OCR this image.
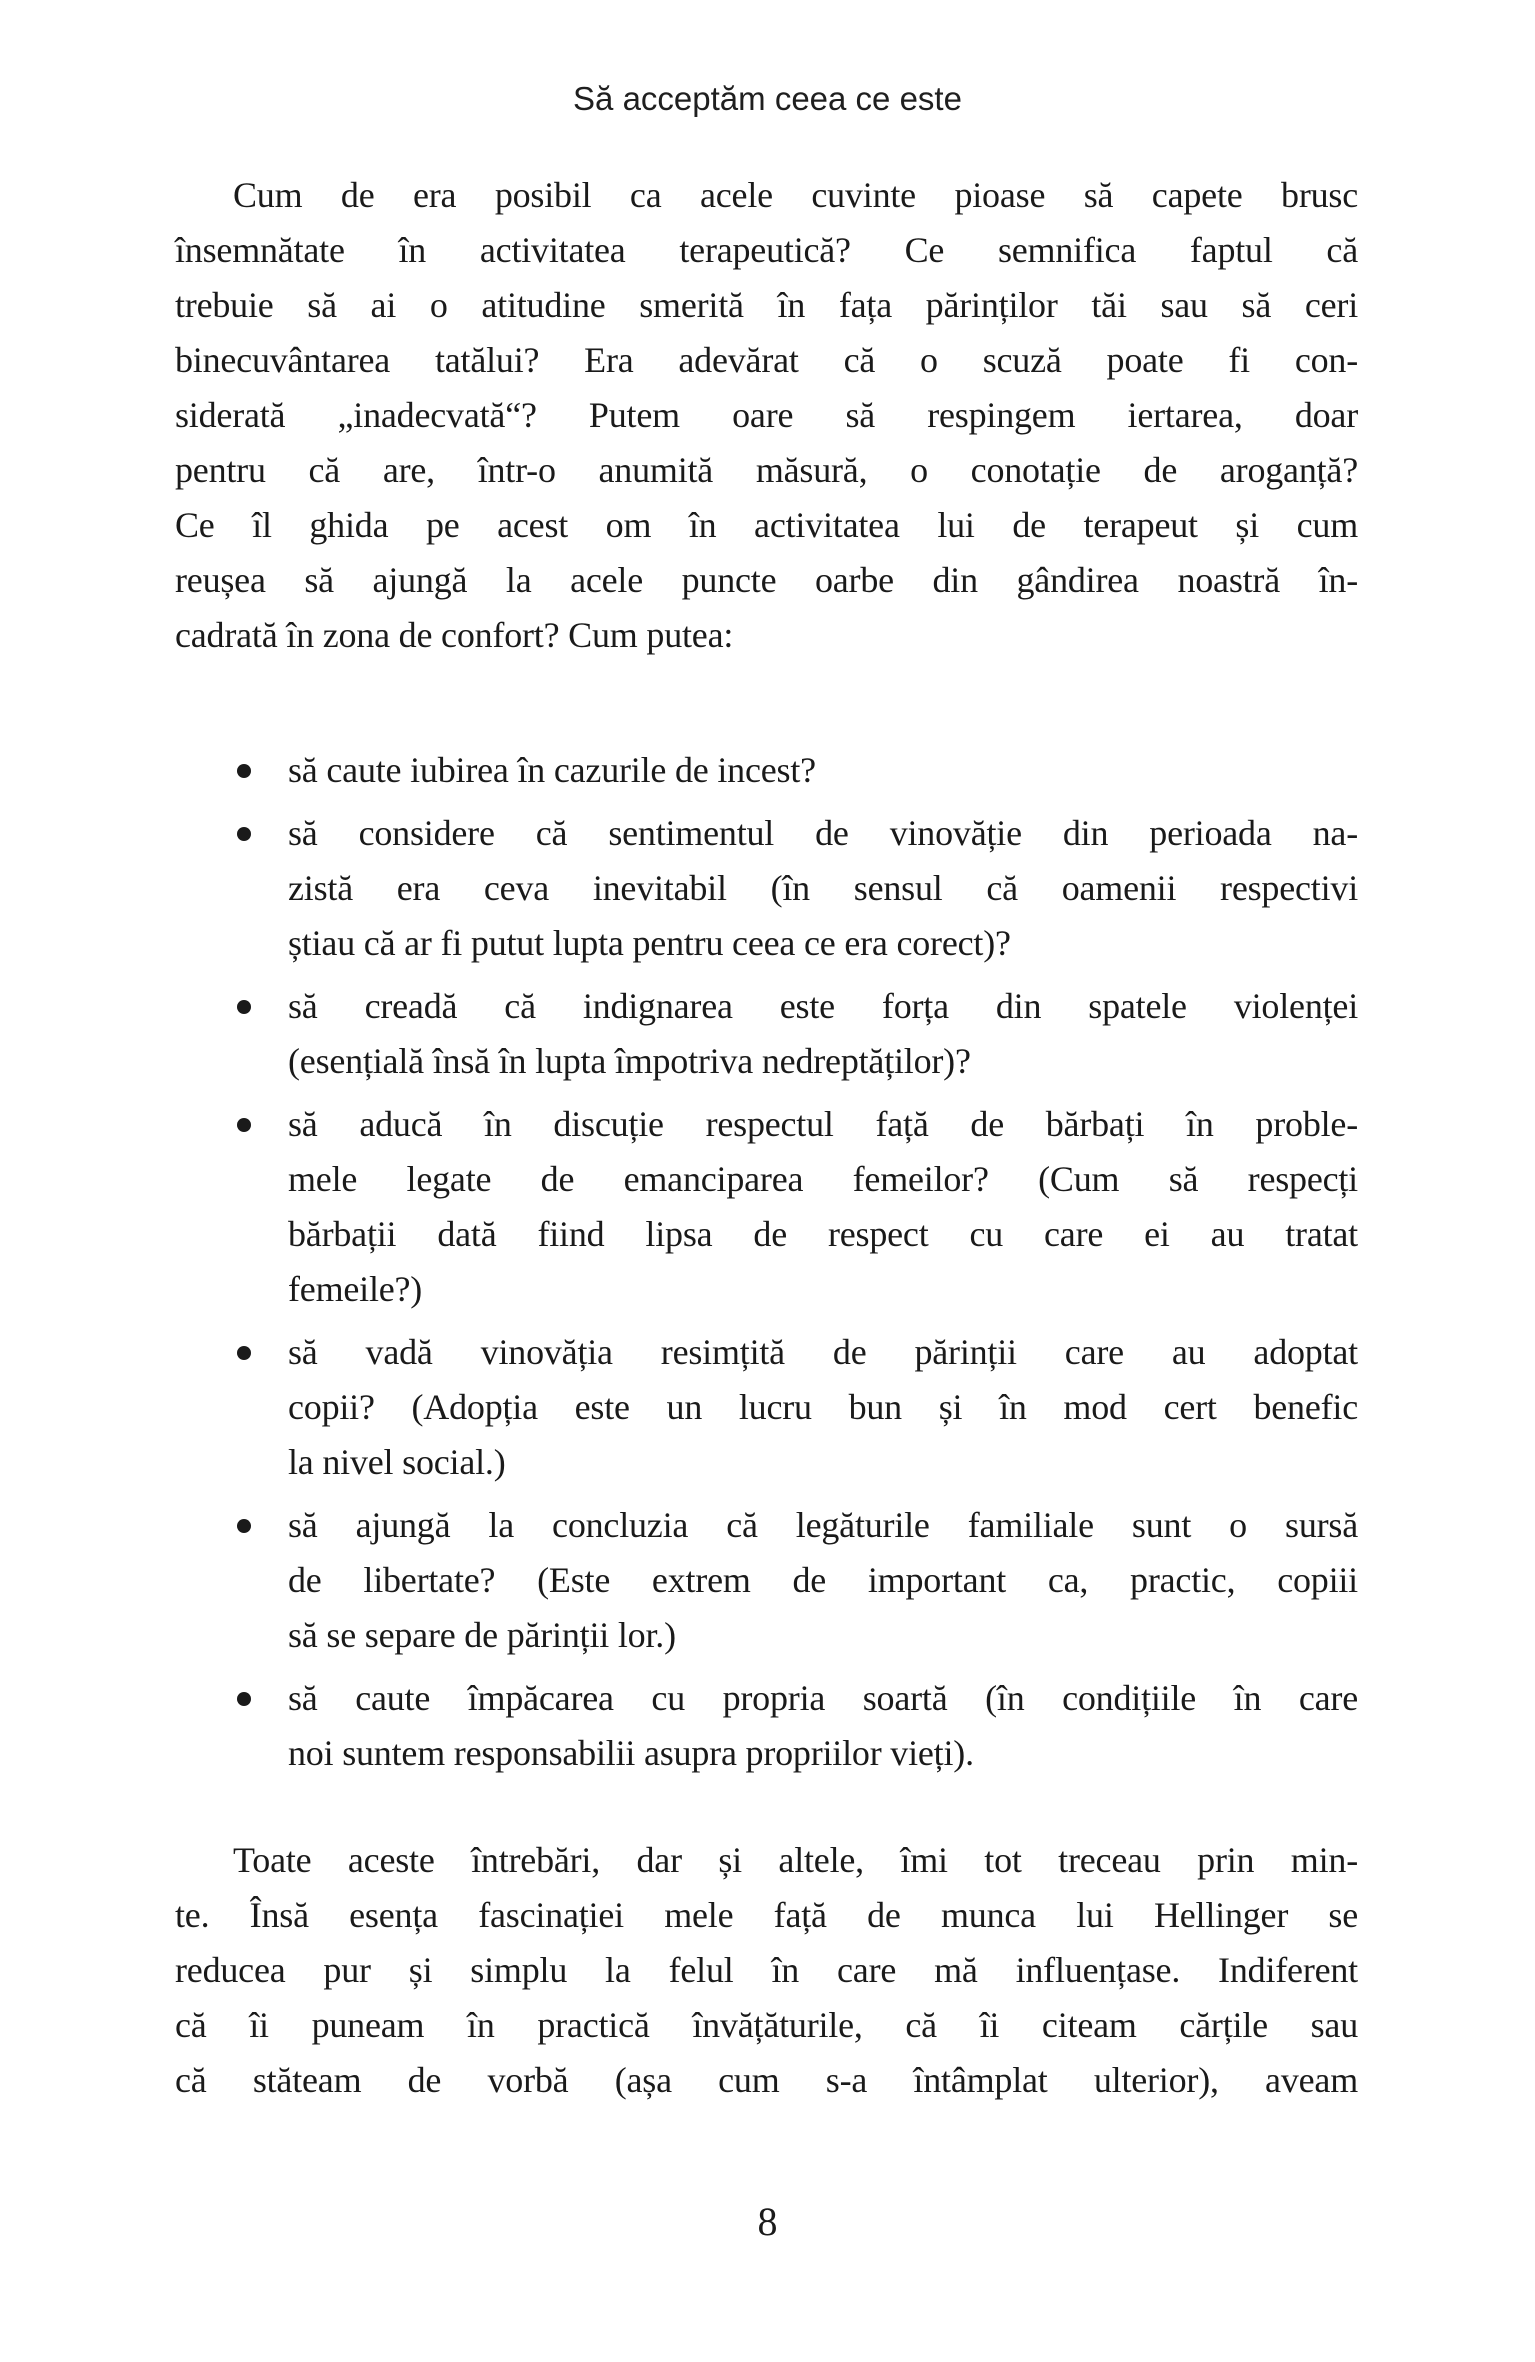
Să acceptăm ceea ce este
Cum de era posibil ca acele cuvinte pioase să capete brusc
însemnătate în activitatea terapeutică? Ce semnifica faptul că
trebuie să ai o atitudine smerită în fața părinților tăi sau să ceri
binecuvântarea tatălui? Era adevărat că o scuză poate fi con-
siderată „inadecvată“? Putem oare să respingem iertarea, doar
pentru că are, într-o anumită măsură, o conotație de aroganță?
Ce îl ghida pe acest om în activitatea lui de terapeut și cum
reușea să ajungă la acele puncte oarbe din gândirea noastră în-
cadrată în zona de confort? Cum putea:
să caute iubirea în cazurile de incest?
să considere că sentimentul de vinovăție din perioada na-
zistă era ceva inevitabil (în sensul că oamenii respectivi
știau că ar fi putut lupta pentru ceea ce era corect)?
să creadă că indignarea este forța din spatele violenței
(esențială însă în lupta împotriva nedreptăților)?
să aducă în discuție respectul față de bărbați în proble-
mele legate de emanciparea femeilor? (Cum să respecți
bărbații dată fiind lipsa de respect cu care ei au tratat
femeile?)
să vadă vinovăția resimțită de părinții care au adoptat
copii? (Adopția este un lucru bun și în mod cert benefic
la nivel social.)
să ajungă la concluzia că legăturile familiale sunt o sursă
de libertate? (Este extrem de important ca, practic, copiii
să se separe de părinții lor.)
să caute împăcarea cu propria soartă (în condițiile în care
noi suntem responsabilii asupra propriilor vieți).
Toate aceste întrebări, dar și altele, îmi tot treceau prin min-
te. Însă esența fascinației mele față de munca lui Hellinger se
reducea pur și simplu la felul în care mă influențase. Indiferent
că îi puneam în practică învățăturile, că îi citeam cărțile sau
că stăteam de vorbă (așa cum s-a întâmplat ulterior), aveam
8
